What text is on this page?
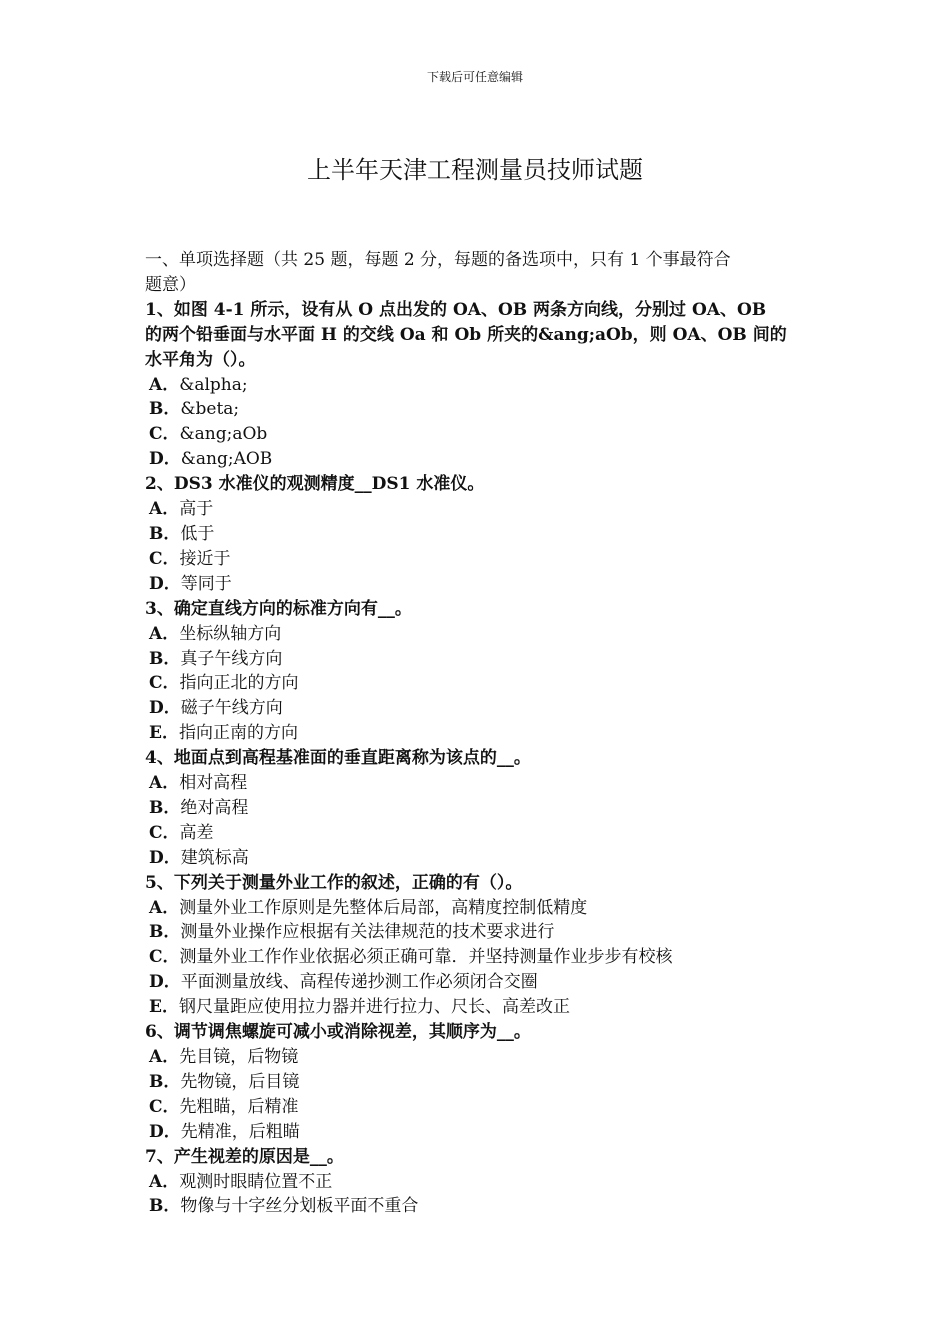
下载后可任意编辑
上半年天津工程测量员技师试题
一、单项选择题（共 25 题，每题 2 分，每题的备选项中，只有 1 个事最符合
题意）
1、如图 4-1 所示，设有从 O 点出发的 OA、OB 两条方向线，分别过 OA、OB
的两个铅垂面与水平面 H 的交线 Oa 和 Ob 所夹的&ang;aOb，则 OA、OB 间的
水平角为（）。
A．&alpha;
B．&beta;
C．&ang;aOb
D．&ang;AOB
2、DS3 水准仪的观测精度__DS1 水准仪。
A．高于
B．低于
C．接近于
D．等同于
3、确定直线方向的标准方向有__。
A．坐标纵轴方向
B．真子午线方向
C．指向正北的方向
D．磁子午线方向
E．指向正南的方向
4、地面点到高程基准面的垂直距离称为该点的__。
A．相对高程
B．绝对高程
C．高差
D．建筑标高
5、下列关于测量外业工作的叙述，正确的有（）。
A．测量外业工作原则是先整体后局部，高精度控制低精度
B．测量外业操作应根据有关法律规范的技术要求进行
C．测量外业工作作业依据必须正确可靠．并坚持测量作业步步有校核
D．平面测量放线、高程传递抄测工作必须闭合交圈
E．钢尺量距应使用拉力器并进行拉力、尺长、高差改正
6、调节调焦螺旋可减小或消除视差，其顺序为__。
A．先目镜，后物镜
B．先物镜，后目镜
C．先粗瞄，后精准
D．先精准，后粗瞄
7、产生视差的原因是__。
A．观测时眼睛位置不正
B．物像与十字丝分划板平面不重合
